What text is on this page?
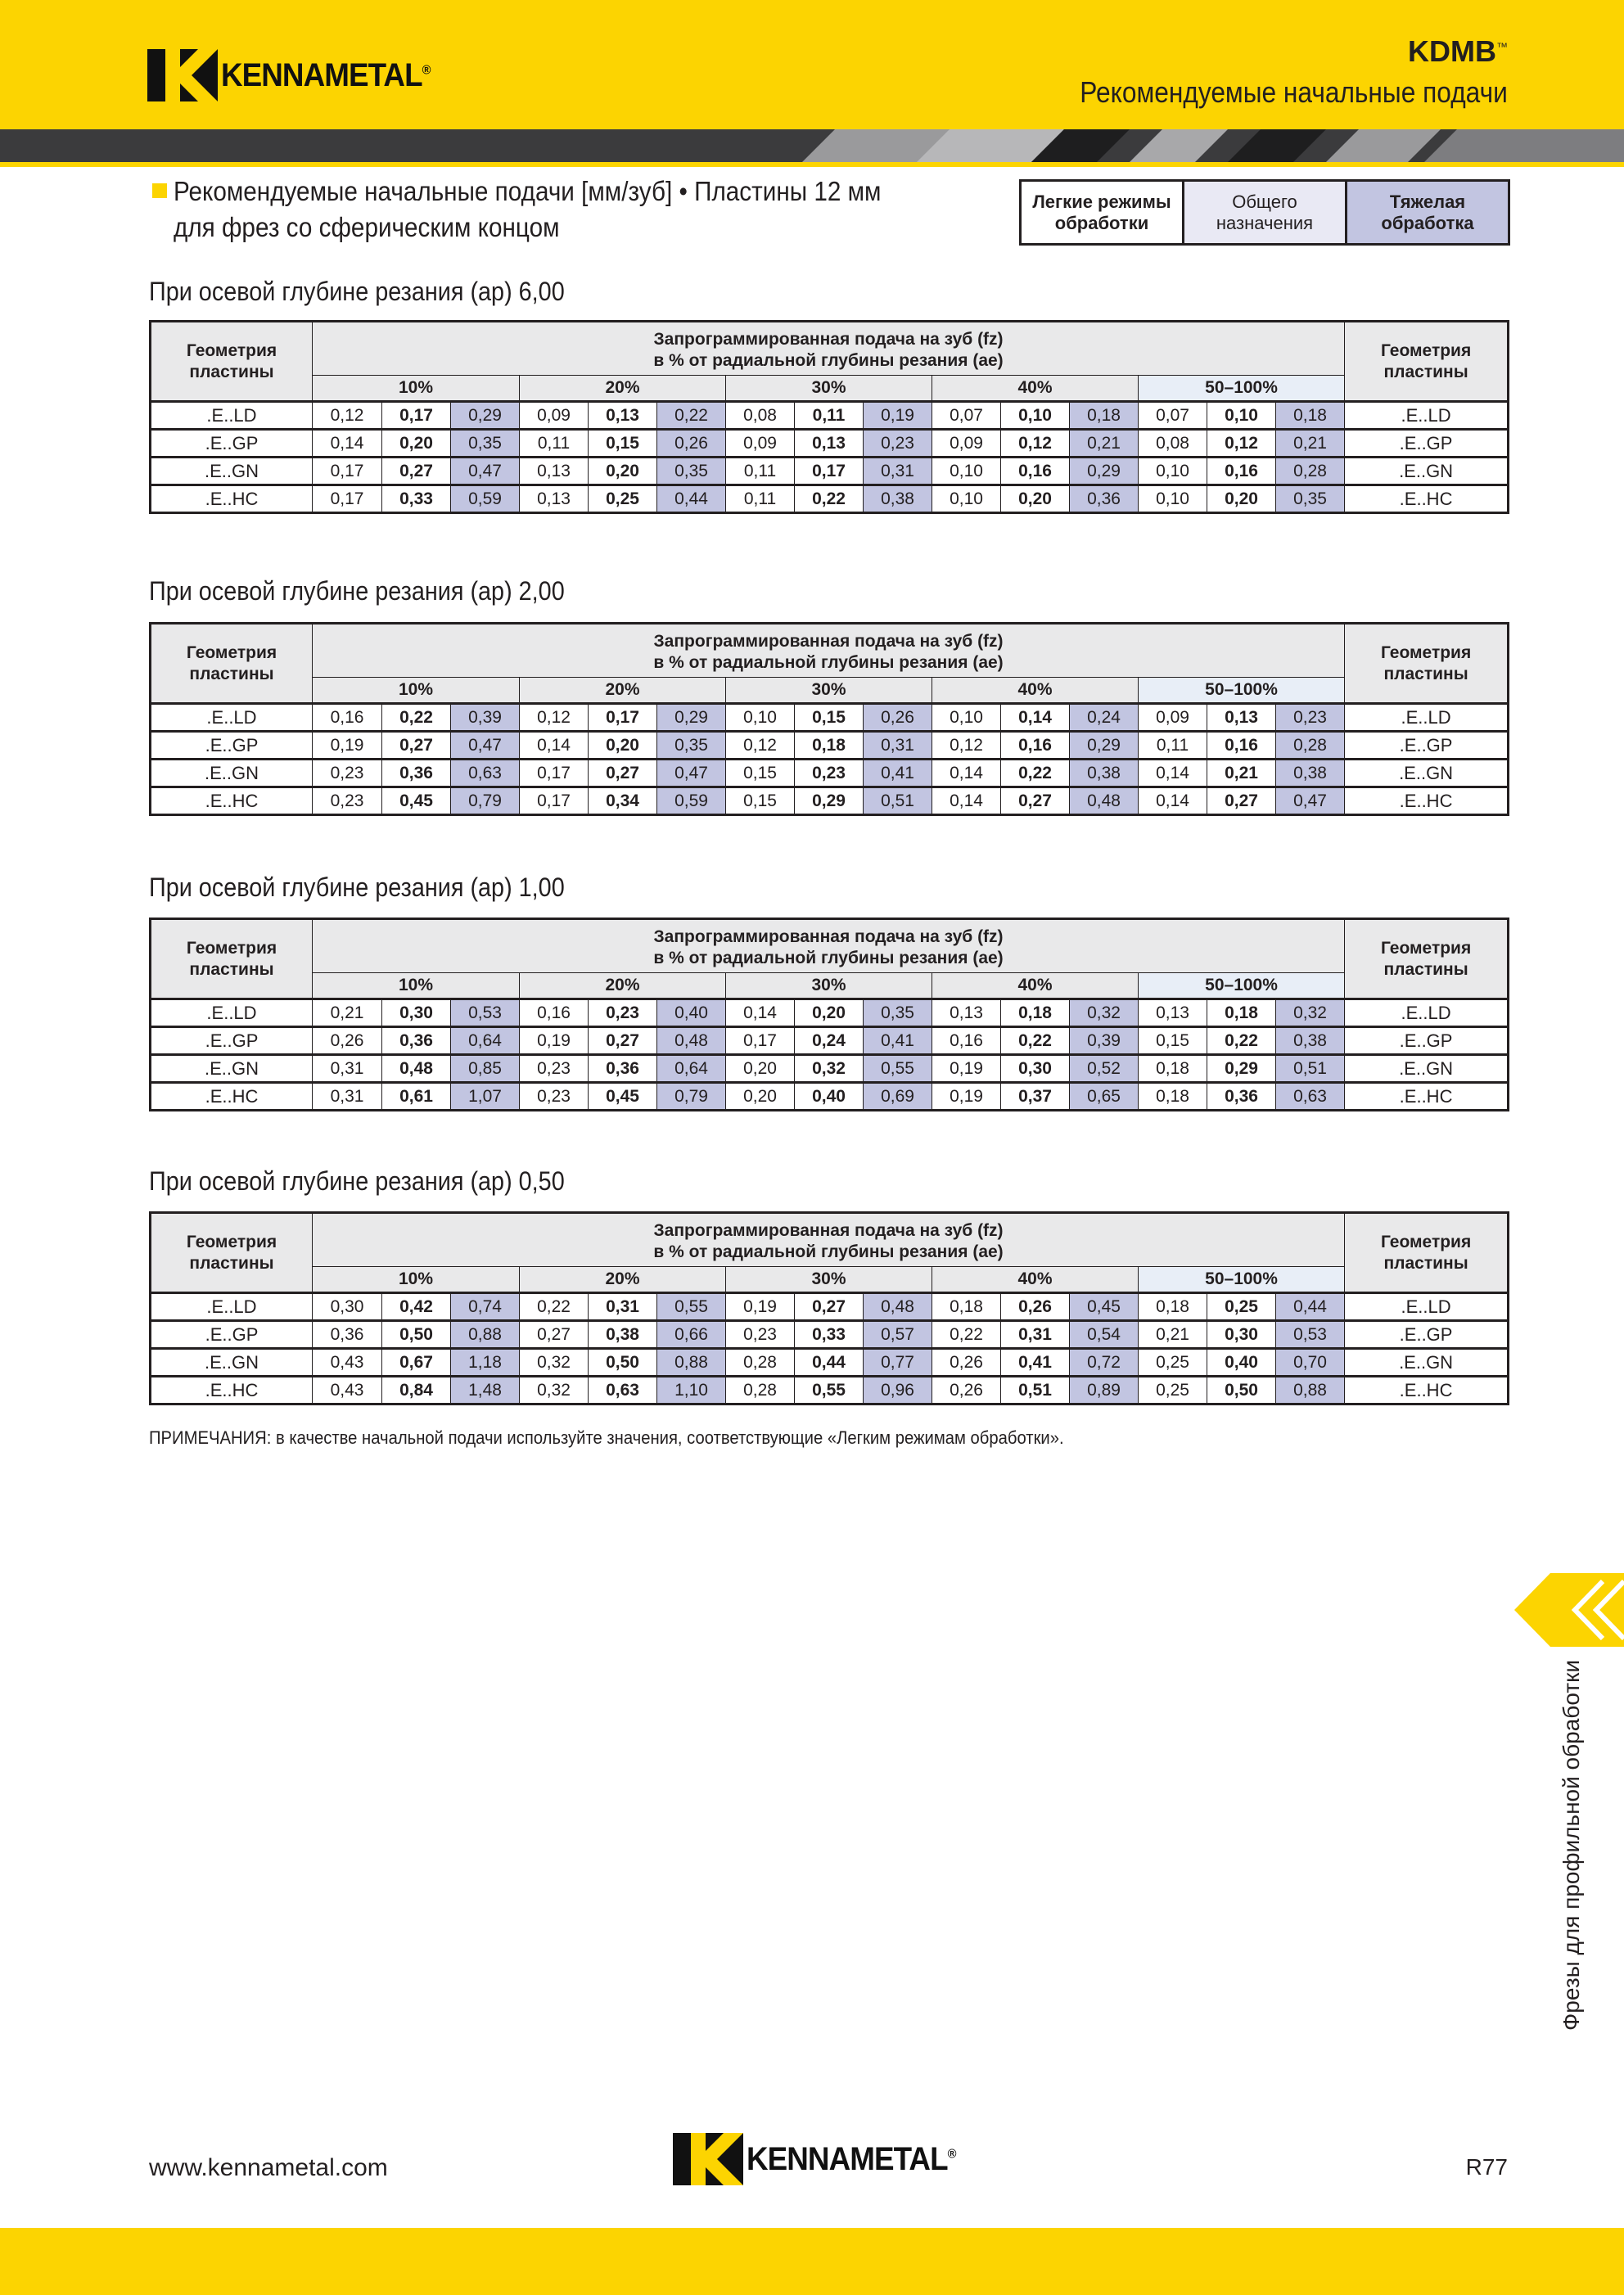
KENNAMETAL®
KDMB™
Рекомендуемые начальные подачи
Рекомендуемые начальные подачи [мм/зуб] • Пластины 12 мм
для фрез со сферическим концом
Легкие режимы обработки	Общего назначения	Тяжелая обработка
При осевой глубине резания (ap) 6,00
Геометрия пластины	Запрограммированная подача на зуб (fz)
в % от радиальной глубины резания (ae)															Геометрия пластины
	10%			20%			30%			40%			50–100%			
.E..LD	0,12	0,17	0,29	0,09	0,13	0,22	0,08	0,11	0,19	0,07	0,10	0,18	0,07	0,10	0,18	.E..LD
.E..GP	0,14	0,20	0,35	0,11	0,15	0,26	0,09	0,13	0,23	0,09	0,12	0,21	0,08	0,12	0,21	.E..GP
.E..GN	0,17	0,27	0,47	0,13	0,20	0,35	0,11	0,17	0,31	0,10	0,16	0,29	0,10	0,16	0,28	.E..GN
.E..HC	0,17	0,33	0,59	0,13	0,25	0,44	0,11	0,22	0,38	0,10	0,20	0,36	0,10	0,20	0,35	.E..HC
При осевой глубине резания (ap) 2,00
Геометрия пластины	Запрограммированная подача на зуб (fz)
в % от радиальной глубины резания (ae)															Геометрия пластины
	10%			20%			30%			40%			50–100%			
.E..LD	0,16	0,22	0,39	0,12	0,17	0,29	0,10	0,15	0,26	0,10	0,14	0,24	0,09	0,13	0,23	.E..LD
.E..GP	0,19	0,27	0,47	0,14	0,20	0,35	0,12	0,18	0,31	0,12	0,16	0,29	0,11	0,16	0,28	.E..GP
.E..GN	0,23	0,36	0,63	0,17	0,27	0,47	0,15	0,23	0,41	0,14	0,22	0,38	0,14	0,21	0,38	.E..GN
.E..HC	0,23	0,45	0,79	0,17	0,34	0,59	0,15	0,29	0,51	0,14	0,27	0,48	0,14	0,27	0,47	.E..HC
При осевой глубине резания (ap) 1,00
Геометрия пластины	Запрограммированная подача на зуб (fz)
в % от радиальной глубины резания (ae)															Геометрия пластины
	10%			20%			30%			40%			50–100%			
.E..LD	0,21	0,30	0,53	0,16	0,23	0,40	0,14	0,20	0,35	0,13	0,18	0,32	0,13	0,18	0,32	.E..LD
.E..GP	0,26	0,36	0,64	0,19	0,27	0,48	0,17	0,24	0,41	0,16	0,22	0,39	0,15	0,22	0,38	.E..GP
.E..GN	0,31	0,48	0,85	0,23	0,36	0,64	0,20	0,32	0,55	0,19	0,30	0,52	0,18	0,29	0,51	.E..GN
.E..HC	0,31	0,61	1,07	0,23	0,45	0,79	0,20	0,40	0,69	0,19	0,37	0,65	0,18	0,36	0,63	.E..HC
При осевой глубине резания (ap) 0,50
Геометрия пластины	Запрограммированная подача на зуб (fz)
в % от радиальной глубины резания (ae)															Геометрия пластины
	10%			20%			30%			40%			50–100%			
.E..LD	0,30	0,42	0,74	0,22	0,31	0,55	0,19	0,27	0,48	0,18	0,26	0,45	0,18	0,25	0,44	.E..LD
.E..GP	0,36	0,50	0,88	0,27	0,38	0,66	0,23	0,33	0,57	0,22	0,31	0,54	0,21	0,30	0,53	.E..GP
.E..GN	0,43	0,67	1,18	0,32	0,50	0,88	0,28	0,44	0,77	0,26	0,41	0,72	0,25	0,40	0,70	.E..GN
.E..HC	0,43	0,84	1,48	0,32	0,63	1,10	0,28	0,55	0,96	0,26	0,51	0,89	0,25	0,50	0,88	.E..HC
ПРИМЕЧАНИЯ: в качестве начальной подачи используйте значения, соответствующие «Легким режимам обработки».
Фрезы для профильной обработки
www.kennametal.com	KENNAMETAL®
R77
